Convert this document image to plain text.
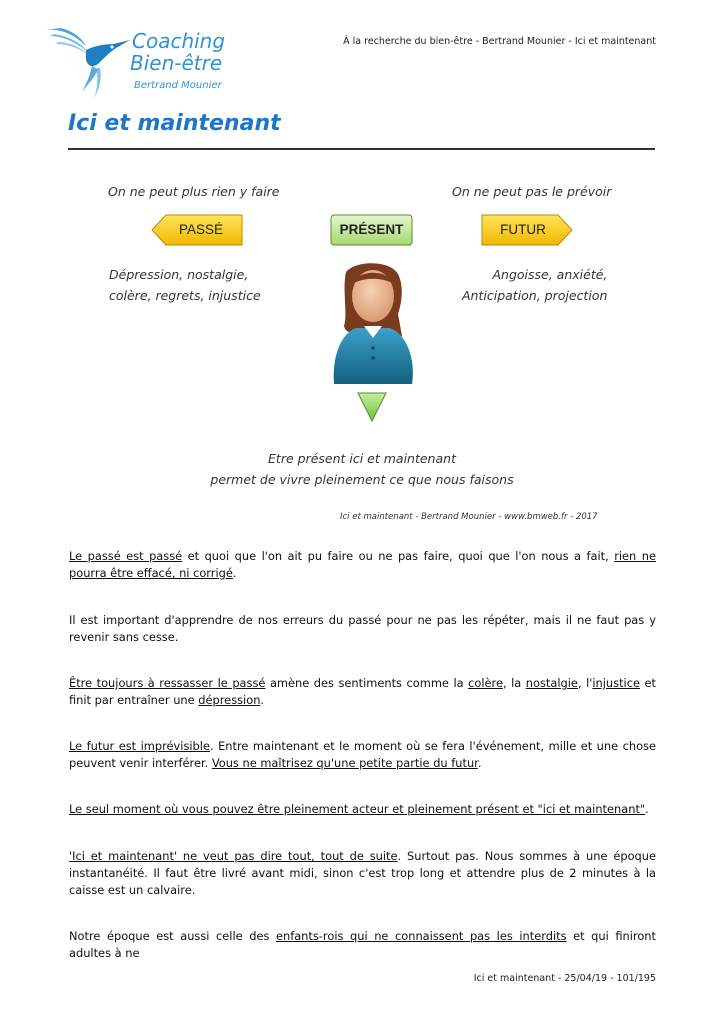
Coaching
Bien-être
Bertrand Mounier
À la recherche du bien-être - Bertrand Mounier - Ici et maintenant
Ici et maintenant
On ne peut plus rien y faire	On ne peut pas le prévoir
PASSÉ	PRÉSENT	FUTUR
Dépression, nostalgie,
colère, regrets, injustice
Angoisse, anxiété,
Anticipation, projection
Etre présent ici et maintenant
permet de vivre pleinement ce que nous faisons
Ici et maintenant - Bertrand Mounier - www.bmweb.fr - 2017
Le passé est passé et quoi que l'on ait pu faire ou ne pas faire, quoi que l'on nous a fait, rien ne pourra être effacé, ni corrigé.
Il est important d'apprendre de nos erreurs du passé pour ne pas les répéter, mais il ne faut pas y revenir sans cesse.
Être toujours à ressasser le passé amène des sentiments comme la colère, la nostalgie, l'injustice et finit par entraîner une dépression.
Le futur est imprévisible. Entre maintenant et le moment où se fera l'événement, mille et une chose peuvent venir interférer. Vous ne maîtrisez qu'une petite partie du futur.
Le seul moment où vous pouvez être pleinement acteur et pleinement présent et "ici et maintenant".
'Ici et maintenant' ne veut pas dire tout, tout de suite. Surtout pas. Nous sommes à une époque instantanéité. Il faut être livré avant midi, sinon c'est trop long et attendre plus de 2 minutes à la caisse est un calvaire.
Notre époque est aussi celle des enfants-rois qui ne connaissent pas les interdits et qui finiront adultes à ne
Ici et maintenant - 25/04/19 - 101/195
